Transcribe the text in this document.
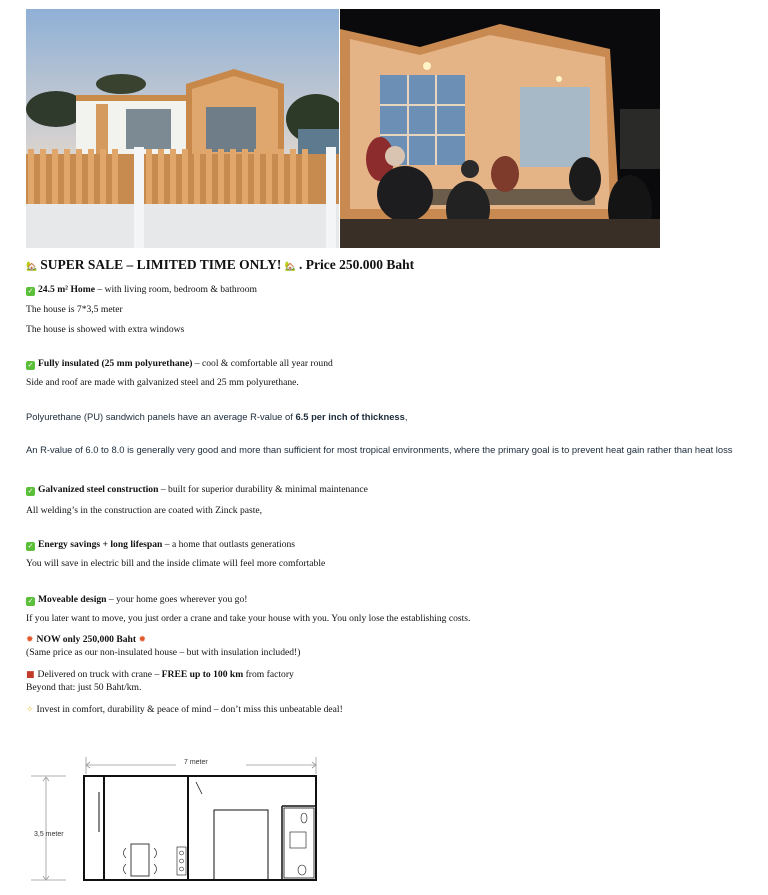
🏡 SUPER SALE – LIMITED TIME ONLY! 🏡 . Price 250.000 Baht
✓ 24.5 m² Home – with living room, bedroom & bathroom
The house is 7*3,5 meter
The house is showed with extra windows
✓ Fully insulated (25 mm polyurethane) – cool & comfortable all year round
Side and roof are made with galvanized steel and 25 mm polyurethane.
Polyurethane (PU) sandwich panels have an average R-value of 6.5 per inch of thickness,
An R-value of 6.0 to 8.0 is generally very good and more than sufficient for most tropical environments, where the primary goal is to prevent heat gain rather than heat loss
✓ Galvanized steel construction – built for superior durability & minimal maintenance
All welding’s in the construction are coated with Zinck paste,
✓ Energy savings + long lifespan – a home that outlasts generations
You will save in electric bill and the inside climate will feel more comfortable
✓ Moveable design – your home goes wherever you go!
If you later want to move, you just order a crane and take your house with you. You only lose the establishing costs.
✹ NOW only 250,000 Baht ✹
(Same price as our non-insulated house – but with insulation included!)
■ Delivered on truck with crane – FREE up to 100 km from factory
Beyond that: just 50 Baht/km.
✧ Invest in comfort, durability & peace of mind – don’t miss this unbeatable deal!
7 meter
3,5 meter
